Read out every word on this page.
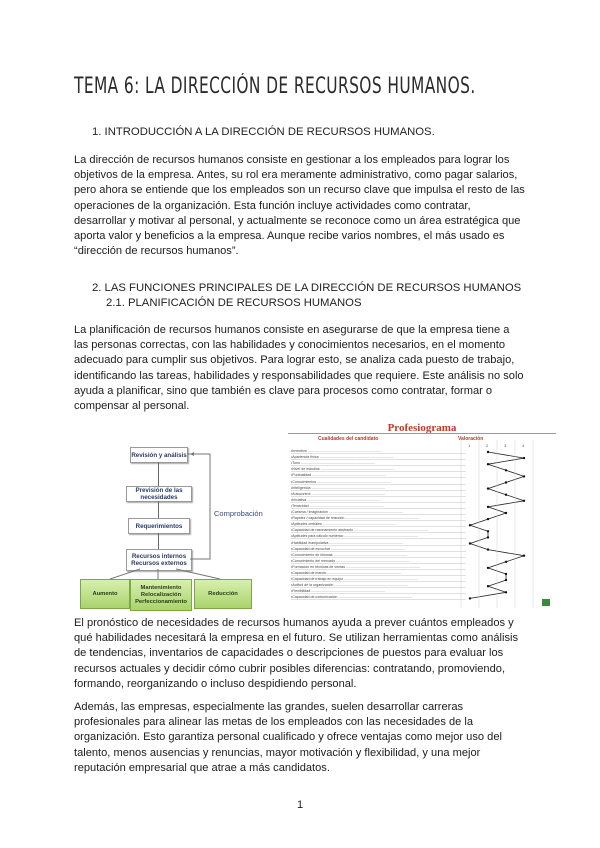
TEMA 6: LA DIRECCIÓN DE RECURSOS HUMANOS.
1. INTRODUCCIÓN A LA DIRECCIÓN DE RECURSOS HUMANOS.

La dirección de recursos humanos consiste en gestionar a los empleados para lograr los objetivos de la empresa. Antes, su rol era meramente administrativo, como pagar salarios, pero ahora se entiende que los empleados son un recurso clave que impulsa el resto de las operaciones de la organización. Esta función incluye actividades como contratar, desarrollar y motivar al personal, y actualmente se reconoce como un área estratégica que aporta valor y beneficios a la empresa. Aunque recibe varios nombres, el más usado es “dirección de recursos humanos”.

2. LAS FUNCIONES PRINCIPALES DE LA DIRECCIÓN DE RECURSOS HUMANOS
2.1. PLANIFICACIÓN DE RECURSOS HUMANOS

La planificación de recursos humanos consiste en asegurarse de que la empresa tiene a las personas correctas, con las habilidades y conocimientos necesarios, en el momento adecuado para cumplir sus objetivos. Para lograr esto, se analiza cada puesto de trabajo, identificando las tareas, habilidades y responsabilidades que requiere. Este análisis no solo ayuda a planificar, sino que también es clave para procesos como contratar, formar o compensar al personal.

Revisión y análisis
Previsión de las necesidades
Requerimientos
Recursos internos
Recursos externos
Comprobación
Aumento
Mantenimiento
Relocalización
Perfeccionamiento
Reducción
Profesiograma
Cualidades del candidato	Valoración
1	2	3	4
•Inventiva ..........................................................................
•Apariencia física ..........................................................................
•Tono ..........................................................................
•Nivel de estudios ..........................................................................
•Puntualidad ..........................................................................
•Conocimientos ..........................................................................
•Inteligencia ..........................................................................
•Autocontrol ..........................................................................
•Iniciativa ..........................................................................
•Tenacidad ..........................................................................
•Carisma / imaginación ..........................................................................
•Rapidez / capacidad de reacción ..........................................................................
•Aptitudes verbales ..........................................................................
•Capacidad de razonamiento abstracto ..........................................................................
•Aptitudes para cálculo numérico ..........................................................................
•Habilidad manipulativa ..........................................................................
•Capacidad de escuchar ..........................................................................
•Conocimiento de idiomas ..........................................................................
•Conocimiento del mercado ..........................................................................
•Formación en técnicas de ventas ..........................................................................
•Capacidad de mando ..........................................................................
•Capacidad de trabajo en equipo ..........................................................................
•Actitud de la organización ..........................................................................
•Flexibilidad ..........................................................................
•Capacidad de comunicación ..........................................................................

El pronóstico de necesidades de recursos humanos ayuda a prever cuántos empleados y qué habilidades necesitará la empresa en el futuro. Se utilizan herramientas como análisis de tendencias, inventarios de capacidades o descripciones de puestos para evaluar los recursos actuales y decidir cómo cubrir posibles diferencias: contratando, promoviendo, formando, reorganizando o incluso despidiendo personal.

Además, las empresas, especialmente las grandes, suelen desarrollar carreras profesionales para alinear las metas de los empleados con las necesidades de la organización. Esto garantiza personal cualificado y ofrece ventajas como mejor uso del talento, menos ausencias y renuncias, mayor motivación y flexibilidad, y una mejor reputación empresarial que atrae a más candidatos.

1
